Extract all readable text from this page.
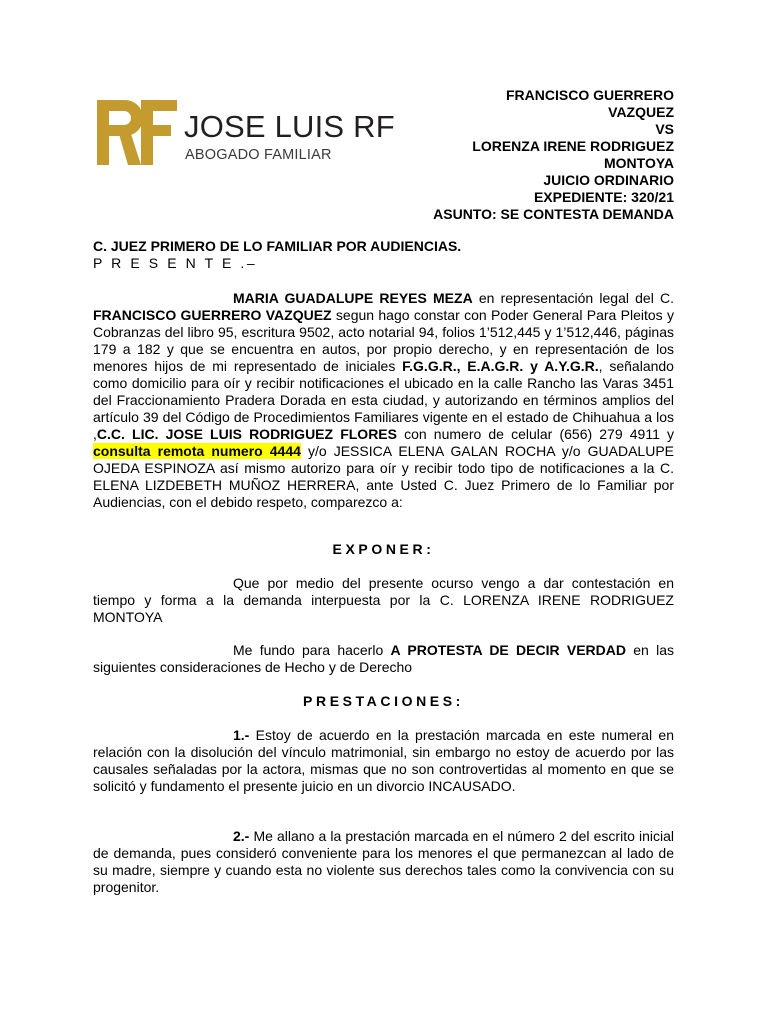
JOSE LUIS RF
ABOGADO FAMILIAR
FRANCISCO GUERRERO
VAZQUEZ
VS
LORENZA IRENE RODRIGUEZ
MONTOYA
JUICIO ORDINARIO
EXPEDIENTE: 320/21
ASUNTO: SE CONTESTA DEMANDA
C. JUEZ PRIMERO DE LO FAMILIAR POR AUDIENCIAS.
P R E S E N T E .–
MARIA GUADALUPE REYES MEZA en representación legal del C. FRANCISCO GUERRERO VAZQUEZ segun hago constar con Poder General Para Pleitos y Cobranzas del libro 95, escritura 9502, acto notarial 94, folios 1’512,445 y 1’512,446, páginas 179 a 182 y que se encuentra en autos, por propio derecho, y en representación de los menores hijos de mi representado de iniciales F.G.G.R., E.A.G.R. y A.Y.G.R., señalando como domicilio para oír y recibir notificaciones el ubicado en la calle Rancho las Varas 3451 del Fraccionamiento Pradera Dorada en esta ciudad, y autorizando en términos amplios del artículo 39 del Código de Procedimientos Familiares vigente en el estado de Chihuahua a los ,C.C. LIC. JOSE LUIS RODRIGUEZ FLORES con numero de celular (656) 279 4911 y consulta remota numero 4444 y/o JESSICA ELENA GALAN ROCHA y/o GUADALUPE OJEDA ESPINOZA así mismo autorizo para oír y recibir todo tipo de notificaciones a la C. ELENA LIZDEBETH MUÑOZ HERRERA, ante Usted C. Juez Primero de lo Familiar por Audiencias, con el debido respeto, comparezco a:
EXPONER:
Que por medio del presente ocurso vengo a dar contestación en tiempo y forma a la demanda interpuesta por la C. LORENZA IRENE RODRIGUEZ MONTOYA
Me fundo para hacerlo A PROTESTA DE DECIR VERDAD en las siguientes consideraciones de Hecho y de Derecho
PRESTACIONES:
1.- Estoy de acuerdo en la prestación marcada en este numeral en relación con la disolución del vínculo matrimonial, sin embargo no estoy de acuerdo por las causales señaladas por la actora, mismas que no son controvertidas al momento en que se solicitó y fundamento el presente juicio en un divorcio INCAUSADO.
2.- Me allano a la prestación marcada en el número 2 del escrito inicial de demanda, pues consideró conveniente para los menores el que permanezcan al lado de su madre, siempre y cuando esta no violente sus derechos tales como la convivencia con su progenitor.
